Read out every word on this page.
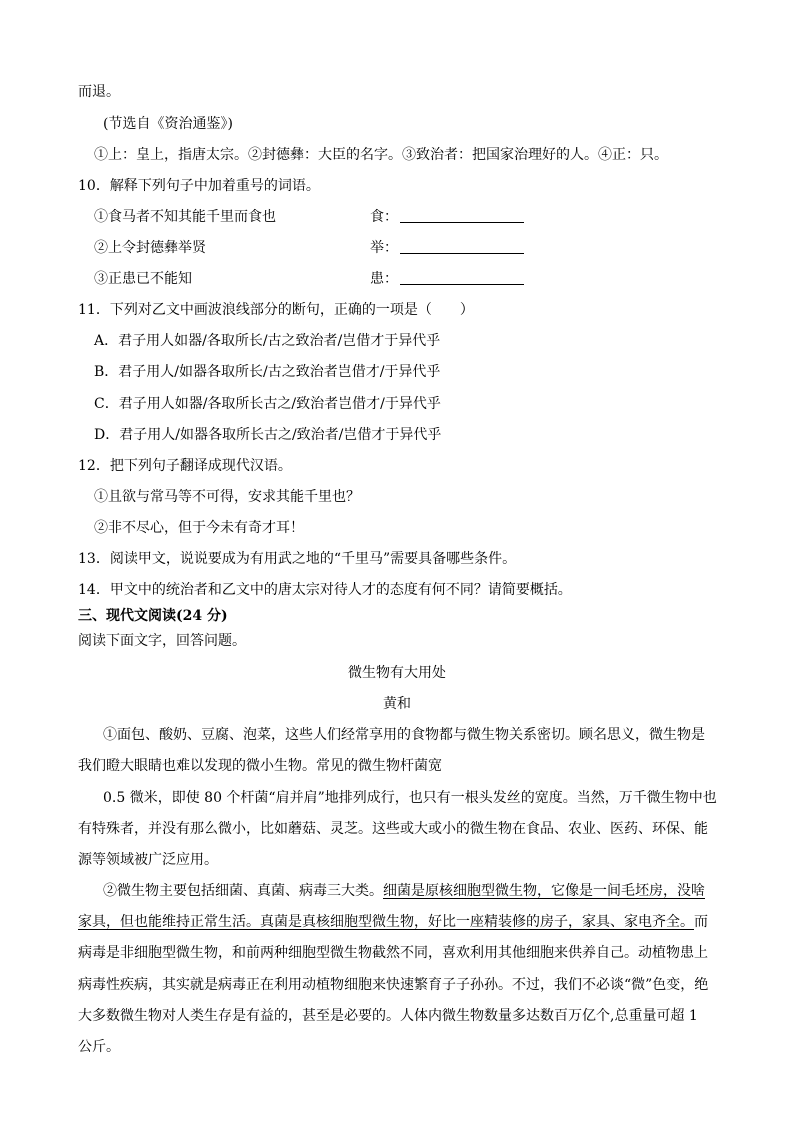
而退。
(节选自《资治通鉴》)
①上：皇上，指唐太宗。②封德彝：大臣的名字。③致治者：把国家治理好的人。④正：只。
10．解释下列句子中加着重号的词语。
①食马者不知其能千里而食也	食：
②上令封德彝举贤	举：
③正患已不能知	患：
11．下列对乙文中画波浪线部分的断句，正确的一项是（　　）
A．君子用人如器/各取所长/古之致治者/岂借才于异代乎
B．君子用人/如器各取所长/古之致治者岂借才/于异代乎
C．君子用人如器/各取所长古之/致治者岂借才/于异代乎
D．君子用人/如器各取所长古之/致治者/岂借才于异代乎
12．把下列句子翻译成现代汉语。
①且欲与常马等不可得，安求其能千里也？
②非不尽心，但于今未有奇才耳！
13．阅读甲文，说说要成为有用武之地的“千里马”需要具备哪些条件。
14．甲文中的统治者和乙文中的唐太宗对待人才的态度有何不同？请简要概括。
三、现代文阅读(24 分)
阅读下面文字，回答问题。
微生物有大用处
黄和
①面包、酸奶、豆腐、泡菜，这些人们经常享用的食物都与微生物关系密切。顾名思义，微生物是
我们瞪大眼睛也难以发现的微小生物。常见的微生物杆菌宽
0.5 微米，即使 80 个杆菌“肩并肩”地排列成行，也只有一根头发丝的宽度。当然，万千微生物中也
有特殊者，并没有那么微小，比如蘑菇、灵芝。这些或大或小的微生物在食品、农业、医药、环保、能
源等领域被广泛应用。
②微生物主要包括细菌、真菌、病毒三大类。细菌是原核细胞型微生物，它像是一间毛坯房，没啥
家具，但也能维持正常生活。真菌是真核细胞型微生物，好比一座精装修的房子，家具、家电齐全。而
病毒是非细胞型微生物，和前两种细胞型微生物截然不同，喜欢利用其他细胞来供养自己。动植物患上
病毒性疾病，其实就是病毒正在利用动植物细胞来快速繁育子子孙孙。不过，我们不必谈“微”色变，绝
大多数微生物对人类生存是有益的，甚至是必要的。人体内微生物数量多达数百万亿个,总重量可超 1
公斤。
